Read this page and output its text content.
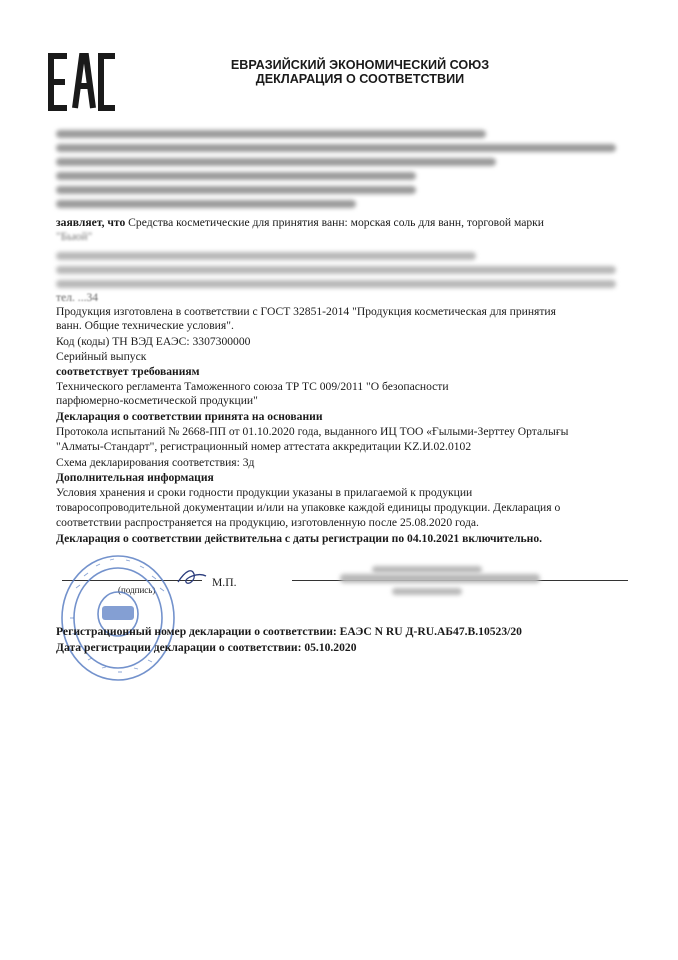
ЕВРАЗИЙСКИЙ ЭКОНОМИЧЕСКИЙ СОЮЗ
ДЕКЛАРАЦИЯ О СООТВЕТСТВИИ
заявляет, что Средства косметические для принятия ванн: морская соль для ванн, торговой марки
"Бьюй"
тел. ...34
Продукция изготовлена в соответствии с ГОСТ 32851-2014 "Продукция косметическая для принятия
ванн. Общие технические условия".
Код (коды) ТН ВЭД ЕАЭС: 3307300000
Серийный выпуск
соответствует требованиям
Технического регламента Таможенного союза ТР ТС 009/2011 "О безопасности
парфюмерно-косметической продукции"
Декларация о соответствии принята на основании
Протокола испытаний № 2668-ПП от 01.10.2020 года, выданного ИЦ ТОО «Ғылыми-Зерттеу Орталығы
"Алматы-Стандарт", регистрационный номер аттестата аккредитации KZ.И.02.0102
Схема декларирования соответствия: 3д
Дополнительная информация
Условия хранения и сроки годности продукции указаны в прилагаемой к продукции
товаросопроводительной документации и/или на упаковке каждой единицы продукции. Декларация о
соответствии распространяется на продукцию, изготовленную после 25.08.2020 года.
Декларация о соответствии действительна с даты регистрации по 04.10.2021 включительно.
(подпись)
М.П.
Регистрационный номер декларации о соответствии: ЕАЭС N RU Д-RU.АБ47.В.10523/20
Дата регистрации декларации о соответствии: 05.10.2020
